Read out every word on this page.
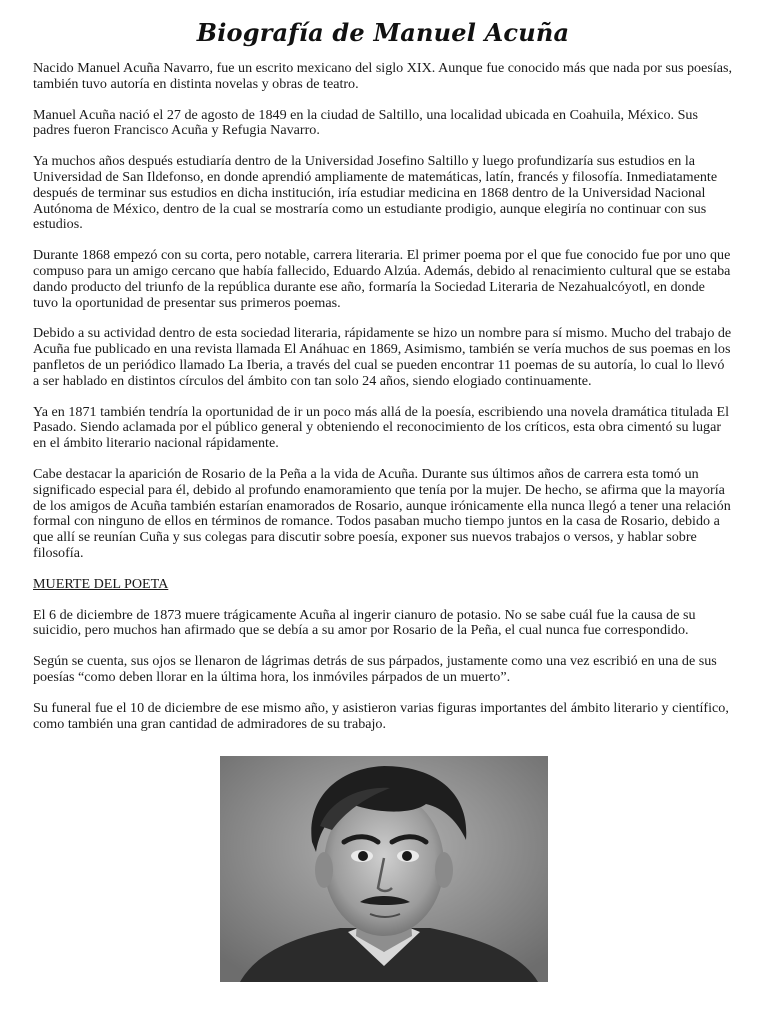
Biografía de Manuel Acuña

Nacido Manuel Acuña Navarro, fue un escrito mexicano del siglo XIX. Aunque fue conocido más que nada por sus poesías, también tuvo autoría en distinta novelas y obras de teatro.

Manuel Acuña nació el 27 de agosto de 1849 en la ciudad de Saltillo, una localidad ubicada en Coahuila, México. Sus padres fueron Francisco Acuña y Refugia Navarro.

Ya muchos años después estudiaría dentro de la Universidad Josefino Saltillo y luego profundizaría sus estudios en la Universidad de San Ildefonso, en donde aprendió ampliamente de matemáticas, latín, francés y filosofía. Inmediatamente después de terminar sus estudios en dicha institución, iría estudiar medicina en 1868 dentro de la Universidad Nacional Autónoma de México, dentro de la cual se mostraría como un estudiante prodigio, aunque elegiría no continuar con sus estudios.

Durante 1868 empezó con su corta, pero notable, carrera literaria. El primer poema por el que fue conocido fue por uno que compuso para un amigo cercano que había fallecido, Eduardo Alzúa. Además, debido al renacimiento cultural que se estaba dando producto del triunfo de la república durante ese año, formaría la Sociedad Literaria de Nezahualcóyotl, en donde tuvo la oportunidad de presentar sus primeros poemas.

Debido a su actividad dentro de esta sociedad literaria, rápidamente se hizo un nombre para sí mismo. Mucho del trabajo de Acuña fue publicado en una revista llamada El Anáhuac en 1869, Asimismo, también se vería muchos de sus poemas en los panfletos de un periódico llamado La Iberia, a través del cual se pueden encontrar 11 poemas de su autoría, lo cual lo llevó a ser hablado en distintos círculos del ámbito con tan solo 24 años, siendo elogiado continuamente.

Ya en 1871 también tendría la oportunidad de ir un poco más allá de la poesía, escribiendo una novela dramática titulada El Pasado. Siendo aclamada por el público general y obteniendo el reconocimiento de los críticos, esta obra cimentó su lugar en el ámbito literario nacional rápidamente.

Cabe destacar la aparición de Rosario de la Peña a la vida de Acuña. Durante sus últimos años de carrera esta tomó un significado especial para él, debido al profundo enamoramiento que tenía por la mujer. De hecho, se afirma que la mayoría de los amigos de Acuña también estarían enamorados de Rosario, aunque irónicamente ella nunca llegó a tener una relación formal con ninguno de ellos en términos de romance. Todos pasaban mucho tiempo juntos en la casa de Rosario, debido a que allí se reunían Cuña y sus colegas para discutir sobre poesía, exponer sus nuevos trabajos o versos, y hablar sobre filosofía.

MUERTE DEL POETA

El 6 de diciembre de 1873 muere trágicamente Acuña al ingerir cianuro de potasio. No se sabe cuál fue la causa de su suicidio, pero muchos han afirmado que se debía a su amor por Rosario de la Peña, el cual nunca fue correspondido.

Según se cuenta, sus ojos se llenaron de lágrimas detrás de sus párpados, justamente como una vez escribió en una de sus poesías “como deben llorar en la última hora, los inmóviles párpados de un muerto”.

Su funeral fue el 10 de diciembre de ese mismo año, y asistieron varias figuras importantes del ámbito literario y científico, como también una gran cantidad de admiradores de su trabajo.
